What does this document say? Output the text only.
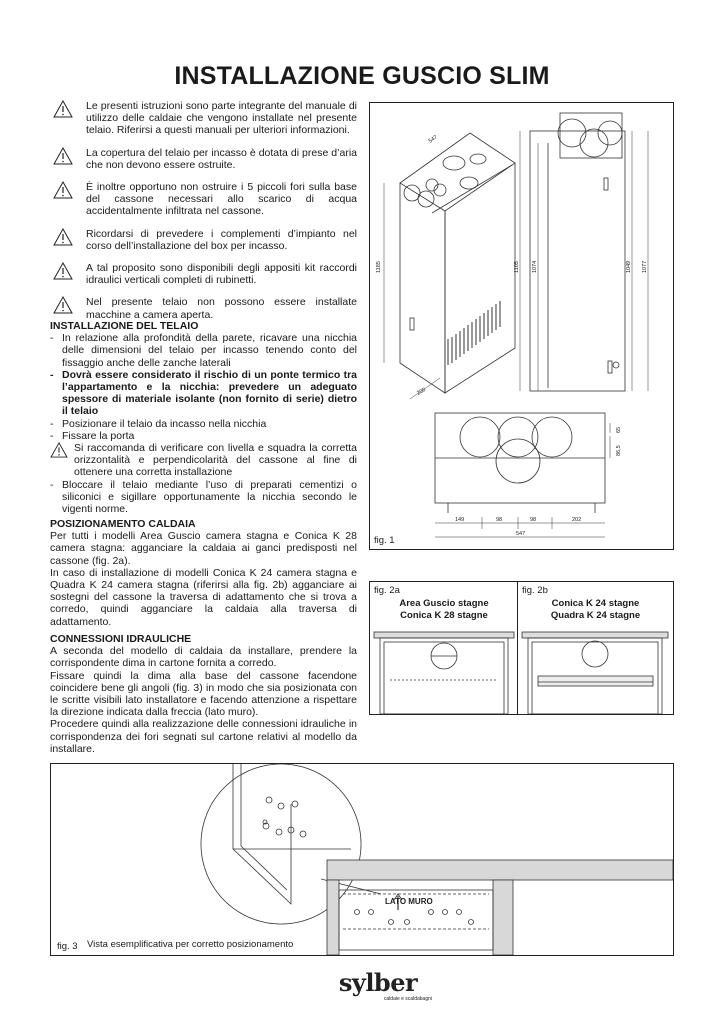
INSTALLAZIONE GUSCIO SLIM
Le presenti istruzioni sono parte integrante del manuale di utilizzo delle caldaie che vengono installate nel presente telaio. Riferirsi a questi manuali per ulteriori informazioni.
La copertura del telaio per incasso è dotata di prese d’aria che non devono essere ostruite.
È inoltre opportuno non ostruire i 5 piccoli fori sulla base del cassone necessari allo scarico di acqua accidentalmente infiltrata nel cassone.
Ricordarsi di prevedere i complementi d’impianto nel corso dell’installazione del box per incasso.
A tal proposito sono disponibili degli appositi kit raccordi idraulici verticali completi di rubinetti.
Nel presente telaio non possono essere installate macchine a camera aperta.
INSTALLAZIONE DEL TELAIO
- In relazione alla profondità della parete, ricavare una nicchia delle dimensioni del telaio per incasso tenendo conto del fissaggio anche delle zanche laterali
- Dovrà essere considerato il rischio di un ponte termico tra l’appartamento e la nicchia: prevedere un adeguato spessore di materiale isolante (non fornito di serie) dietro il telaio
- Posizionare il telaio da incasso nella nicchia
- Fissare la porta
Si raccomanda di verificare con livella e squadra la corretta orizzontalità e perpendicolarità del cassone al fine di ottenere una corretta installazione
- Bloccare il telaio mediante l’uso di preparati cementizi o siliconici e sigillare opportunamente la nicchia secondo le vigenti norme.
POSIZIONAMENTO CALDAIA

Per tutti i modelli Area Guscio camera stagna e Conica K 28 camera stagna: agganciare la caldaia ai ganci predisposti nel cassone (fig. 2a).

In caso di installazione di modelli Conica K 24 camera stagna e Quadra K 24 camera stagna (riferirsi alla fig. 2b) agganciare ai sostegni del cassone la traversa di adattamento che si trova a corredo, quindi agganciare la caldaia alla traversa di adattamento.

CONNESSIONI IDRAULICHE

A seconda del modello di caldaia da installare, prendere la corrispondente dima in cartone fornita a corredo.

Fissare quindi la dima alla base del cassone facendone coincidere bene gli angoli (fig. 3) in modo che sia posizionata con le scritte visibili lato installatore e facendo attenzione a rispettare la direzione indicata dalla freccia (lato muro).

Procedere quindi alla realizzazione delle connessioni idrauliche in corrispondenza dei fori segnati sul cartone relativi al modello da installare.

547
1185	1105 1074	1049 1077
200
65
86,5
149	98	98	202
547
fig. 1
fig. 2a
Area Guscio stagne
Conica K 28 stagne
fig. 2b
Conica K 24 stagne
Quadra K 24 stagne
LATO MURO
fig. 3 Vista esemplificativa per corretto posizionamento
sylber
caldaie e scaldabagni
